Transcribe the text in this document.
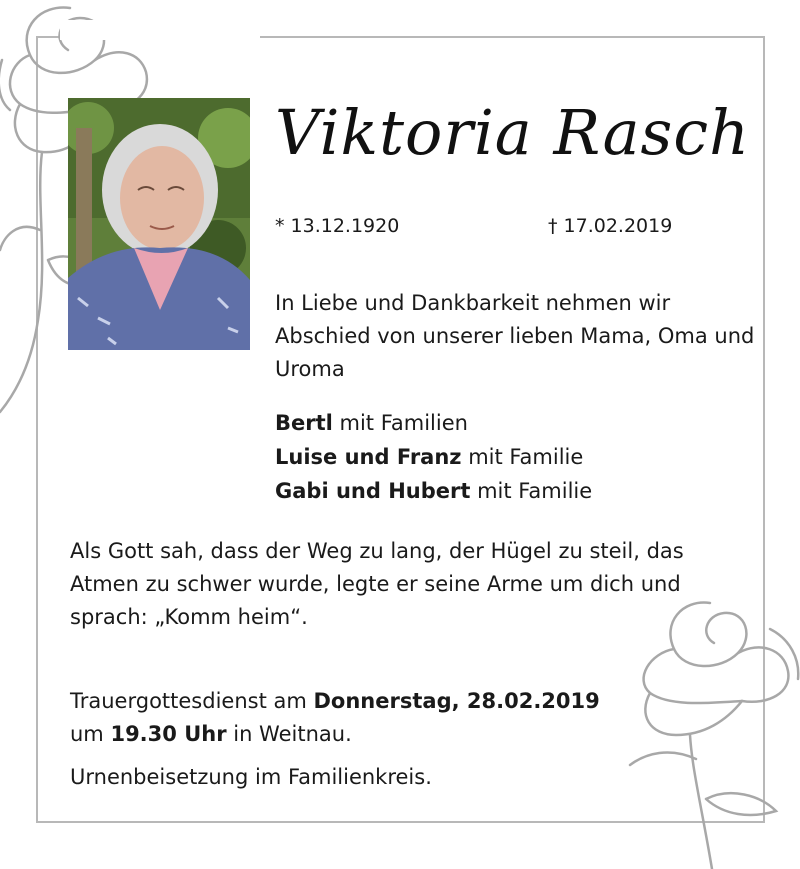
Viktoria Rasch
* 13.12.1920	† 17.02.2019
In Liebe und Dankbarkeit nehmen wir Abschied von unserer lieben Mama, Oma und Uroma
Bertl mit Familien
Luise und Franz mit Familie
Gabi und Hubert mit Familie
Als Gott sah, dass der Weg zu lang, der Hügel zu steil, das Atmen zu schwer wurde, legte er seine Arme um dich und sprach: „Komm heim“.
Trauergottesdienst am Donnerstag, 28.02.2019
um 19.30 Uhr in Weitnau.
Urnenbeisetzung im Familienkreis.
